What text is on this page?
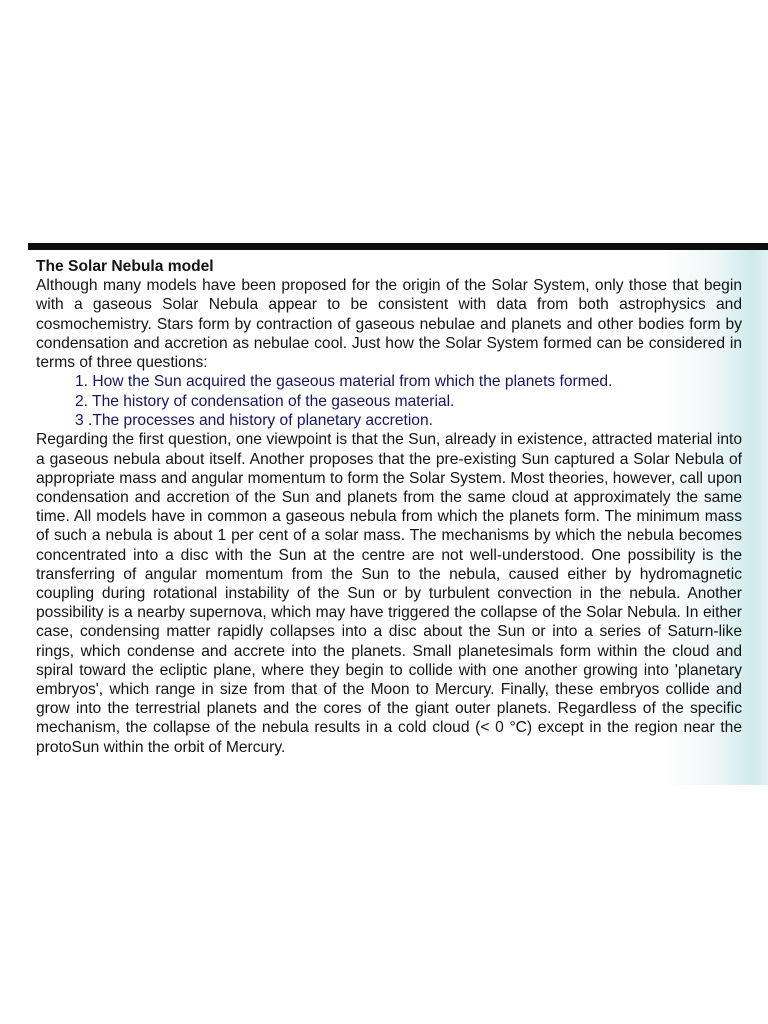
The Solar Nebula model

Although many models have been proposed for the origin of the Solar System, only those that begin with a gaseous Solar Nebula appear to be consistent with data from both astrophysics and cosmochemistry. Stars form by contraction of gaseous nebulae and planets and other bodies form by condensation and accretion as nebulae cool. Just how the Solar System formed can be considered in terms of three questions:

1. How the Sun acquired the gaseous material from which the planets formed.
2. The history of condensation of the gaseous material.
3 .The processes and history of planetary accretion.

Regarding the first question, one viewpoint is that the Sun, already in existence, attracted material into a gaseous nebula about itself. Another proposes that the pre-existing Sun captured a Solar Nebula of appropriate mass and angular momentum to form the Solar System. Most theories, however, call upon condensation and accretion of the Sun and planets from the same cloud at approximately the same time. All models have in common a gaseous nebula from which the planets form. The minimum mass of such a nebula is about 1 per cent of a solar mass. The mechanisms by which the nebula becomes concentrated into a disc with the Sun at the centre are not well-understood. One possibility is the transferring of angular momentum from the Sun to the nebula, caused either by hydromagnetic coupling during rotational instability of the Sun or by turbulent convection in the nebula. Another possibility is a nearby supernova, which may have triggered the collapse of the Solar Nebula. In either case, condensing matter rapidly collapses into a disc about the Sun or into a series of Saturn-like rings, which condense and accrete into the planets. Small planetesimals form within the cloud and spiral toward the ecliptic plane, where they begin to collide with one another growing into 'planetary embryos', which range in size from that of the Moon to Mercury. Finally, these embryos collide and grow into the terrestrial planets and the cores of the giant outer planets. Regardless of the specific mechanism, the collapse of the nebula results in a cold cloud (< 0 °C) except in the region near the protoSun within the orbit of Mercury.
